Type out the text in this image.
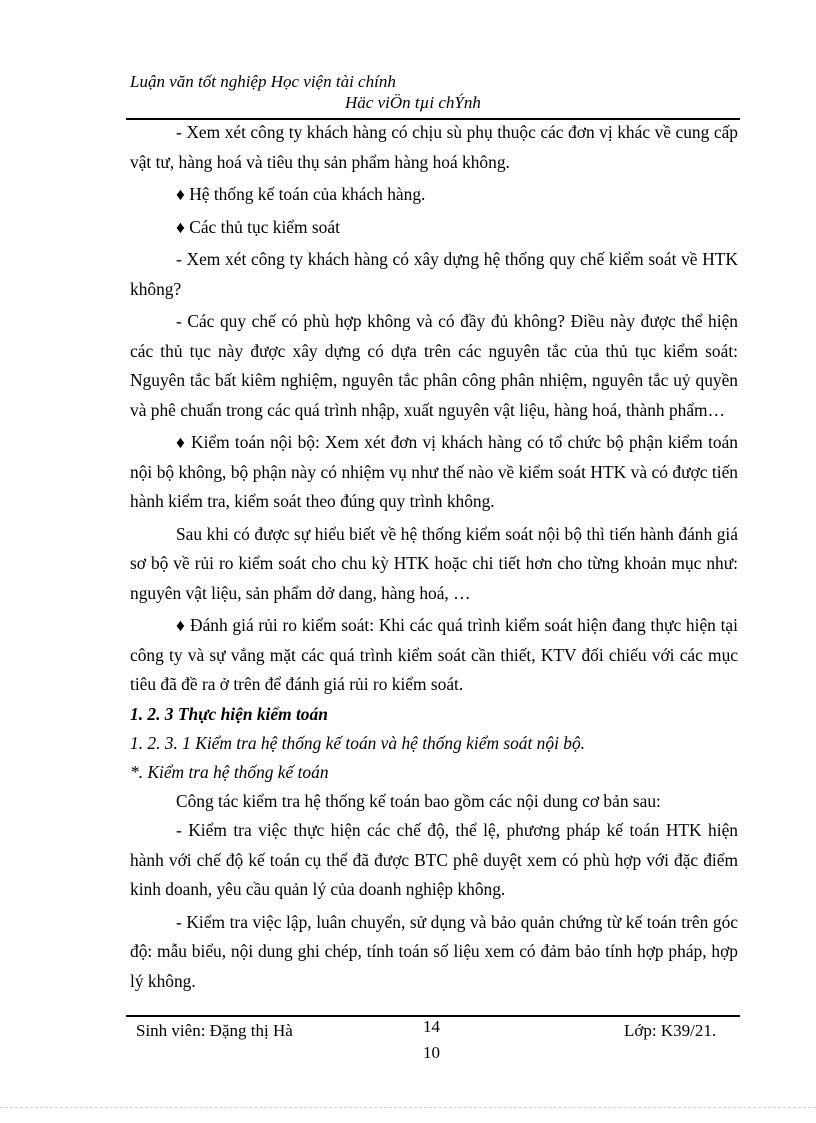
Luận văn tốt nghiệp Học viện tài chính
Häc viÖn tµi chÝnh

- Xem xét công ty khách hàng có chịu sù phụ thuộc các đơn vị khác về cung cấp vật tư, hàng hoá và tiêu thụ sản phẩm hàng hoá không.

♦ Hệ thống kế toán của khách hàng.

♦ Các thủ tục kiểm soát

- Xem xét công ty khách hàng có xây dựng hệ thống quy chế kiểm soát về HTK không?

- Các quy chế có phù hợp không và có đầy đủ không? Điều này được thể hiện các thủ tục này được xây dựng có dựa trên các nguyên tắc của thủ tục kiểm soát: Nguyên tắc bất kiêm nghiệm, nguyên tắc phân công phân nhiệm, nguyên tắc uỷ quyền và phê chuẩn trong các quá trình nhập, xuất nguyên vật liệu, hàng hoá, thành phẩm…

♦ Kiểm toán nội bộ: Xem xét đơn vị khách hàng có tổ chức bộ phận kiểm toán nội bộ không, bộ phận này có nhiệm vụ như thế nào về kiểm soát HTK và có được tiến hành kiểm tra, kiểm soát theo đúng quy trình không.

Sau khi có được sự hiểu biết về hệ thống kiểm soát nội bộ thì tiến hành đánh giá sơ bộ về rủi ro kiểm soát cho chu kỳ HTK hoặc chi tiết hơn cho từng khoản mục như: nguyên vật liệu, sản phẩm dở dang, hàng hoá, …

♦ Đánh giá rủi ro kiểm soát: Khi các quá trình kiểm soát hiện đang thực hiện tại công ty và sự vắng mặt các quá trình kiểm soát cần thiết, KTV đối chiếu với các mục tiêu đã đề ra ở trên để đánh giá rủi ro kiểm soát.

1. 2. 3 Thực hiện kiểm toán

1. 2. 3. 1 Kiểm tra hệ thống kế toán và hệ thống kiểm soát nội bộ.

*. Kiểm tra hệ thống kế toán

Công tác kiểm tra hệ thống kế toán bao gồm các nội dung cơ bản sau:

- Kiểm tra việc thực hiện các chế độ, thể lệ, phương pháp kế toán HTK hiện hành với chế độ kế toán cụ thể đã được BTC phê duyệt xem có phù hợp với đặc điểm kinh doanh, yêu cầu quản lý của doanh nghiệp không.

- Kiểm tra việc lập, luân chuyển, sử dụng và bảo quản chứng từ kế toán trên góc độ: mẫu biểu, nội dung ghi chép, tính toán số liệu xem có đảm bảo tính hợp pháp, hợp lý không.

Sinh viên: Đặng thị Hà	14
10
Lớp: K39/21.
